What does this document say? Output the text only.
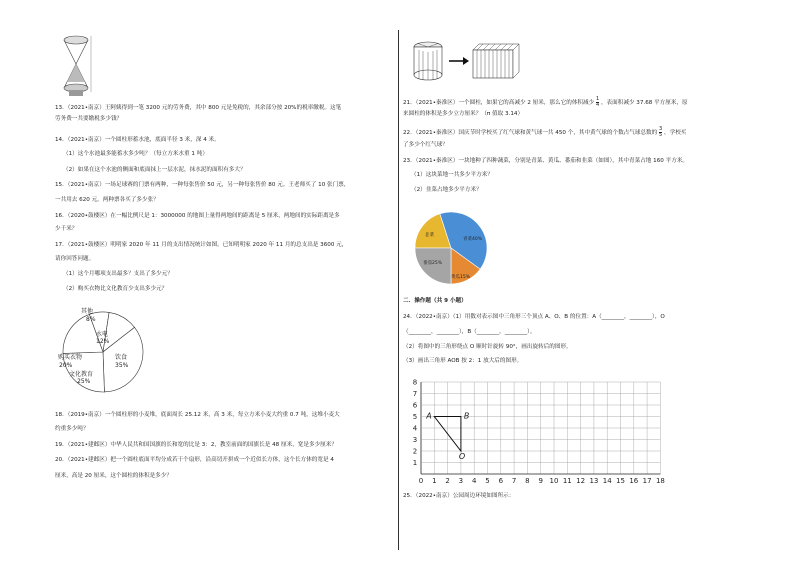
13．（2021•南京）王阿姨得到一笔 3200 元的劳务费，其中 800 元是免税的，其余部分按 20%的税率缴税。这笔
劳务费一共要缴税多少钱？
14．（2021•南京）一个圆柱形蓄水池，底面半径 3 米，深 4 米。
（1）这个水池最多能蓄水多少吨？（每立方米水重 1 吨）
（2）如果在这个水池的侧面和底面抹上一层水泥，抹水泥的面积有多大？
15．（2021•南京）一场足球赛的门票有两种，一种每张售价 50 元，另一种每张售价 80 元。王老师买了 10 张门票，
一共用去 620 元。两种票各买了多少张？
16．（2020•鼓楼区）在一幅比例尺是 1：3000000 的地图上量得两地间的距离是 5 厘米，两地间的实际距离是多
少千米？
17．（2021•鼓楼区）明明家 2020 年 11 月的支出情况统计如图。已知明明家 2020 年 11 月的总支出是 3600 元，
请你回答问题。
（1）这个月哪项支出最多？支出了多少元？
（2）购买衣物比文化教育少支出多少元？
其他
8%
水电
12%
购买衣物
20%
饮食
35%
文化教育
25%
18．（2019•南京）一个圆柱形的小麦堆，底面周长 25.12 米，高 3 米，每立方米小麦大约重 0.7 吨，这堆小麦大
约重多少吨？
19．（2021•建邺区）中华人民共和国国旗的长和宽的比是 3：2，教室前面的国旗长是 48 厘米，宽是多少厘米？
20．（2021•建邺区）把一个圆柱底面平均分成若干个扇形，沿高切开拼成一个近似长方体，这个长方体的宽是 4
厘米，高是 20 厘米，这个圆柱的体积是多少？
21．（2021•秦淮区）一个圆柱，如果它的高减少 2 厘米，那么它的体积减少 $\frac{1}{4}$ ，表面积减少 37.68 平方厘米，原
来圆柱的体积是多少立方厘米？（π 值取 3.14）
22．（2021•秦淮区）国庆节时学校买了红气球和黄气球一共 450 个，其中黄气球的个数占气球总数的 $\frac{3}{5}$ ，学校买
了多少个红气球？
23．（2021•秦淮区）一块地种了四种蔬菜，分别是青菜、黄瓜、番茄和韭菜（如图），其中青菜占地 160 平方米。
（1）这块菜地一共多少平方米？
（2）韭菜占地多少平方米？
韭菜
青菜40%
番茄25%
黄瓜15%
二．操作题（共 9 小题）
24．（2022•南京）（1）用数对表示图中三角形三个顶点 A、O、B 的位置：A（________，________），O
（________，________），B（________，________）。
（2）将图中的三角形绕点 O 顺时针旋转 90°，画出旋转后的图形。
（3）画出三角形 AOB 按 2：1 放大后的图形。
0 1 2 3 4 5 6 7 8 9 10 11 12 13 14 15 16 17 18
1
2
3
4
5
6
7
8
A	B
O
25．（2022•南京）公园周边环境如图所示：
